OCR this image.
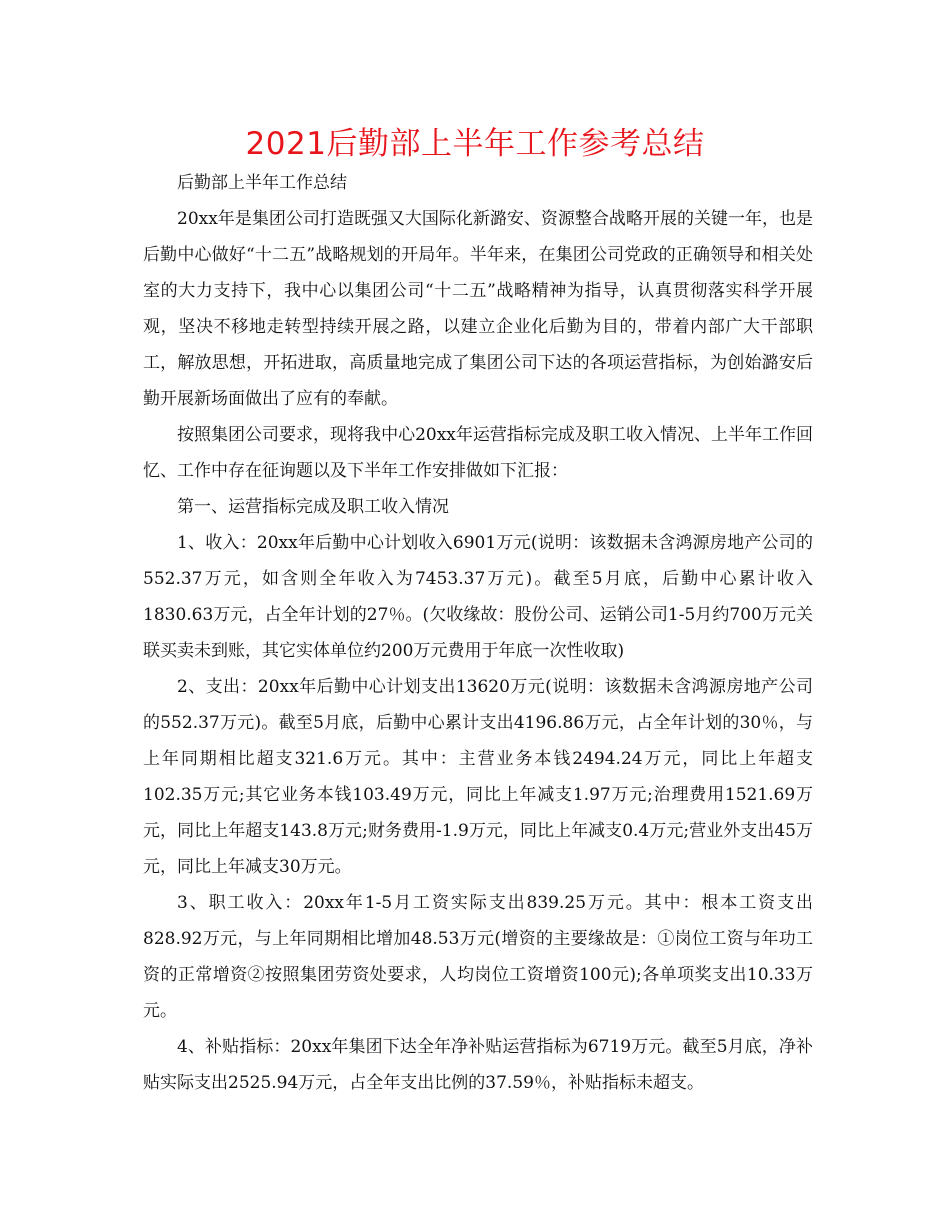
2021后勤部上半年工作参考总结

后勤部上半年工作总结

20xx年是集团公司打造既强又大国际化新潞安、资源整合战略开展的关键一年，也是后勤中心做好“十二五”战略规划的开局年。半年来，在集团公司党政的正确领导和相关处室的大力支持下，我中心以集团公司“十二五”战略精神为指导，认真贯彻落实科学开展观，坚决不移地走转型持续开展之路，以建立企业化后勤为目的，带着内部广大干部职工，解放思想，开拓进取，高质量地完成了集团公司下达的各项运营指标，为创始潞安后勤开展新场面做出了应有的奉献。

按照集团公司要求，现将我中心20xx年运营指标完成及职工收入情况、上半年工作回忆、工作中存在征询题以及下半年工作安排做如下汇报：

第一、运营指标完成及职工收入情况

1、收入：20xx年后勤中心计划收入6901万元(说明：该数据未含鸿源房地产公司的552.37万元，如含则全年收入为7453.37万元)。截至5月底，后勤中心累计收入1830.63万元，占全年计划的27％。(欠收缘故：股份公司、运销公司1-5月约700万元关联买卖未到账，其它实体单位约200万元费用于年底一次性收取)

2、支出：20xx年后勤中心计划支出13620万元(说明：该数据未含鸿源房地产公司的552.37万元)。截至5月底，后勤中心累计支出4196.86万元，占全年计划的30％，与上年同期相比超支321.6万元。其中：主营业务本钱2494.24万元，同比上年超支102.35万元;其它业务本钱103.49万元，同比上年减支1.97万元;治理费用1521.69万元，同比上年超支143.8万元;财务费用-1.9万元，同比上年减支0.4万元;营业外支出45万元，同比上年减支30万元。

3、职工收入：20xx年1-5月工资实际支出839.25万元。其中：根本工资支出828.92万元，与上年同期相比增加48.53万元(增资的主要缘故是：①岗位工资与年功工资的正常增资②按照集团劳资处要求，人均岗位工资增资100元);各单项奖支出10.33万元。

4、补贴指标：20xx年集团下达全年净补贴运营指标为6719万元。截至5月底，净补贴实际支出2525.94万元，占全年支出比例的37.59％，补贴指标未超支。
